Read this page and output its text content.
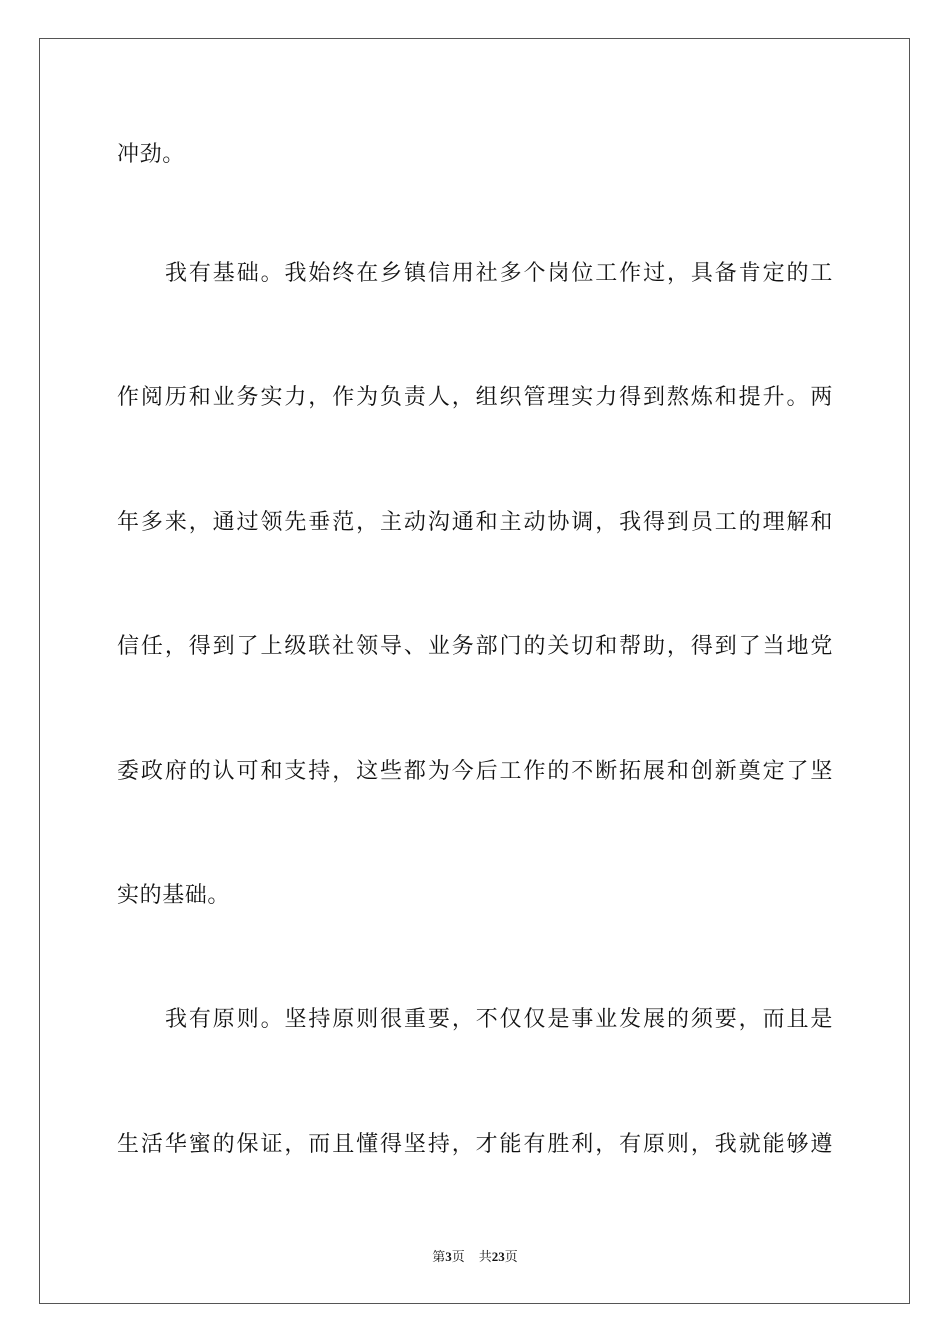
冲劲。
我有基础。我始终在乡镇信用社多个岗位工作过，具备肯定的工
作阅历和业务实力，作为负责人，组织管理实力得到熬炼和提升。两
年多来，通过领先垂范，主动沟通和主动协调，我得到员工的理解和
信任，得到了上级联社领导、业务部门的关切和帮助，得到了当地党
委政府的认可和支持，这些都为今后工作的不断拓展和创新奠定了坚
实的基础。
我有原则。坚持原则很重要，不仅仅是事业发展的须要，而且是
生活华蜜的保证，而且懂得坚持，才能有胜利，有原则，我就能够遵
第3页 共23页
